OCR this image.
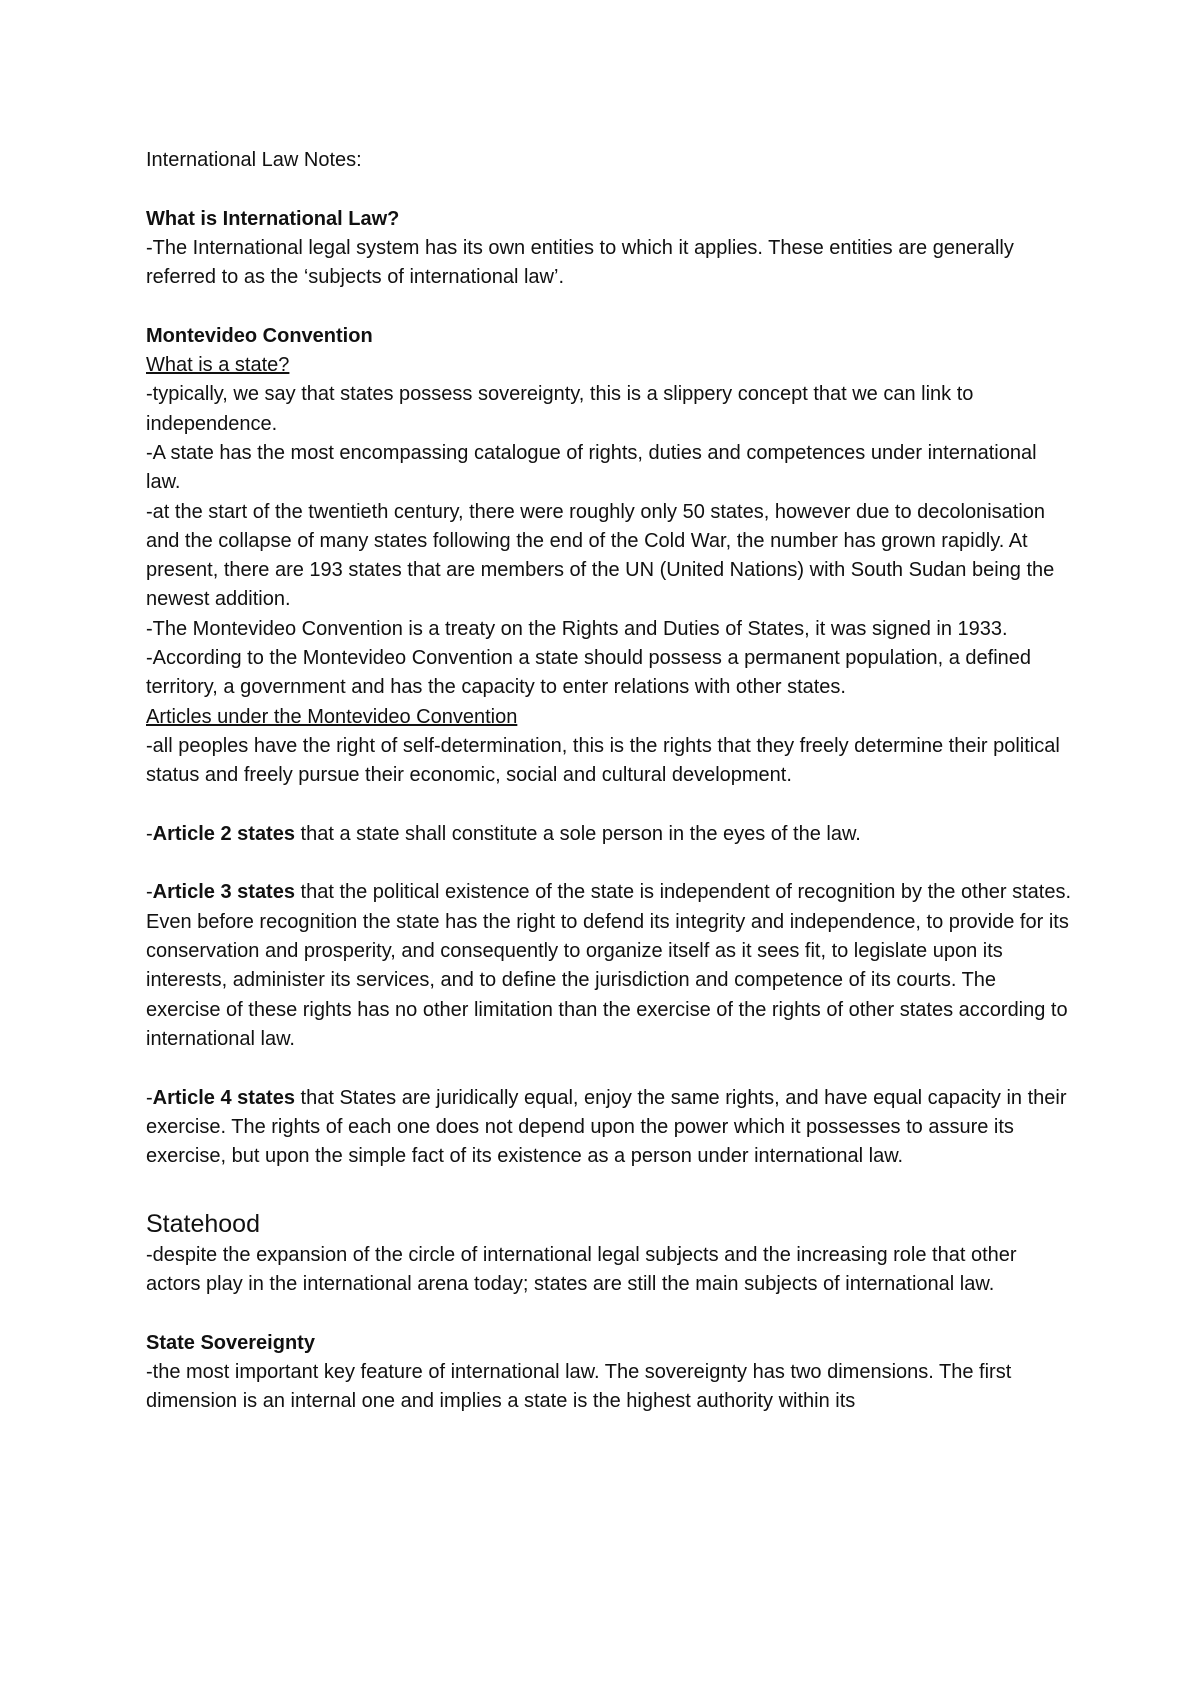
International Law Notes:

What is International Law?

-The International legal system has its own entities to which it applies. These entities are generally referred to as the ‘subjects of international law’.

Montevideo Convention

What is a state?

-typically, we say that states possess sovereignty, this is a slippery concept that we can link to independence.

-A state has the most encompassing catalogue of rights, duties and competences under international law.

-at the start of the twentieth century, there were roughly only 50 states, however due to decolonisation and the collapse of many states following the end of the Cold War, the number has grown rapidly. At present, there are 193 states that are members of the UN (United Nations) with South Sudan being the newest addition.

-The Montevideo Convention is a treaty on the Rights and Duties of States, it was signed in 1933.

-According to the Montevideo Convention a state should possess a permanent population, a defined territory, a government and has the capacity to enter relations with other states.

Articles under the Montevideo Convention

-all peoples have the right of self-determination, this is the rights that they freely determine their political status and freely pursue their economic, social and cultural development.

-Article 2 states that a state shall constitute a sole person in the eyes of the law.

-Article 3 states that the political existence of the state is independent of recognition by the other states. Even before recognition the state has the right to defend its integrity and independence, to provide for its conservation and prosperity, and consequently to organize itself as it sees fit, to legislate upon its interests, administer its services, and to define the jurisdiction and competence of its courts. The exercise of these rights has no other limitation than the exercise of the rights of other states according to international law.

-Article 4 states that States are juridically equal, enjoy the same rights, and have equal capacity in their exercise. The rights of each one does not depend upon the power which it possesses to assure its exercise, but upon the simple fact of its existence as a person under international law.

Statehood

-despite the expansion of the circle of international legal subjects and the increasing role that other actors play in the international arena today; states are still the main subjects of international law.

State Sovereignty

-the most important key feature of international law. The sovereignty has two dimensions. The first dimension is an internal one and implies a state is the highest authority within its
